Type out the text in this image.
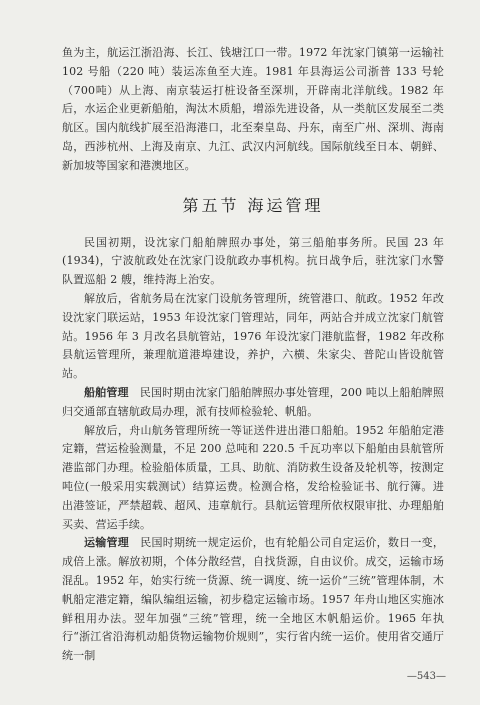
鱼为主，航运江浙沿海、长江、钱塘江口一带。1972 年沈家门镇第一运输社102 号船（220 吨）装运冻鱼至大连。1981 年县海运公司浙普 133 号轮（700吨）从上海、南京装运打桩设备至深圳，开辟南北洋航线。1982 年后，水运企业更新船舶，淘汰木质船，增添先进设备，从一类航区发展至二类航区。国内航线扩展至沿海港口，北至秦皇岛、丹东，南至广州、深圳、海南岛，西涉杭州、上海及南京、九江、武汉内河航线。国际航线至日本、朝鲜、新加坡等国家和港澳地区。

第五节 海运管理

民国初期，设沈家门船舶牌照办事处，第三船舶事务所。民国 23 年(1934)，宁波航政处在沈家门设航政办事机构。抗日战争后，驻沈家门水警队置巡船 2 艘，维持海上治安。

解放后，省航务局在沈家门设航务管理所，统管港口、航政。1952 年改设沈家门联运站，1953 年设沈家门管理站，同年，两站合并成立沈家门航管站。1956 年 3 月改名县航管站，1976 年设沈家门港航监督，1982 年改称县航运管理所，兼理航道港埠建设，养护，六横、朱家尖、普陀山皆设航管站。

船舶管理　 民国时期由沈家门船舶牌照办事处管理，200 吨以上船舶牌照归交通部直辖航政局办理，派有技师检验轮、帆船。

解放后，舟山航务管理所统一等证送件进出港口船舶。1952 年船舶定港定籍，营运检验测量，不足 200 总吨和 220.5 千瓦功率以下船舶由县航管所港监部门办理。检验船体质量，工具、助航、消防救生设备及轮机等，按测定吨位(一般采用实载测试）结算运费。检测合格，发给检验证书、航行簿。进出港签证，严禁超载、超风、违章航行。县航运管理所依权限审批、办理船舶买卖、营运手续。

运输管理　 民国时期统一规定运价，也有轮船公司自定运价，数日一变，成倍上涨。解放初期，个体分散经营，自找货源，自由议价。成交，运输市场混乱。1952 年，始实行统一货源、统一调度、统一运价“三统”管理体制，木帆船定港定籍，编队编组运输，初步稳定运输市场。1957 年舟山地区实施冰鲜租用办法。翌年加强“三统”管理，统一全地区木帆船运价。1965 年执行“浙江省沿海机动船货物运输物价规则”，实行省内统一运价。使用省交通厅统一制

—543—
